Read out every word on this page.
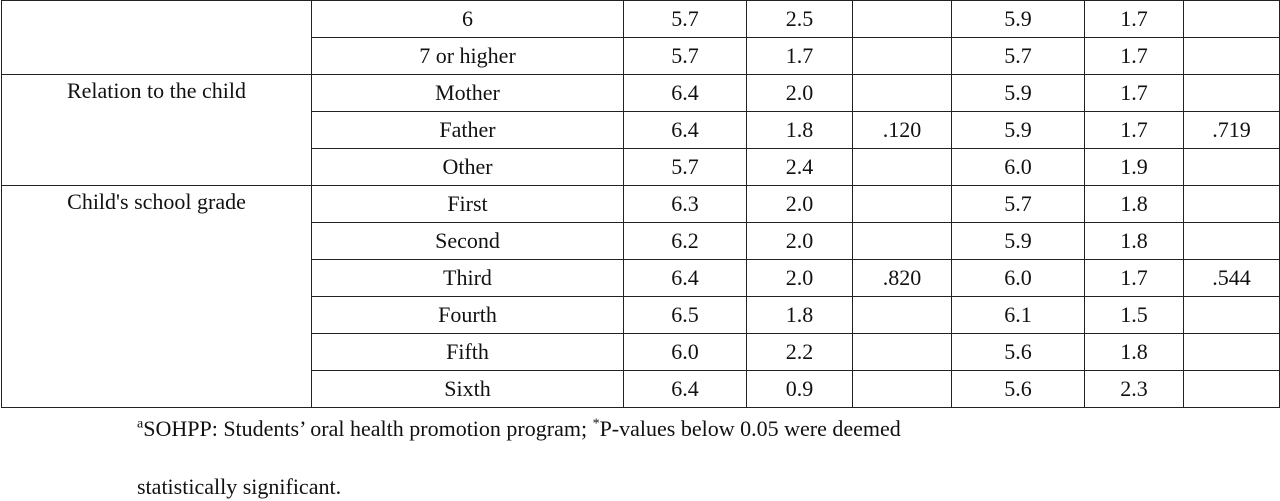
	6	5.7	2.5		5.9	1.7	
	7 or higher	5.7	1.7		5.7	1.7	
Relation to the child	Mother	6.4	2.0		5.9	1.7	
	Father	6.4	1.8	.120	5.9	1.7	.719
	Other	5.7	2.4		6.0	1.9	
Child's school grade	First	6.3	2.0		5.7	1.8	
	Second	6.2	2.0		5.9	1.8	
	Third	6.4	2.0	.820	6.0	1.7	.544
	Fourth	6.5	1.8		6.1	1.5	
	Fifth	6.0	2.2		5.6	1.8	
	Sixth	6.4	0.9		5.6	2.3	
$^a$SOHPP: Students’ oral health promotion program; *P-values below 0.05 were deemed
statistically significant.
